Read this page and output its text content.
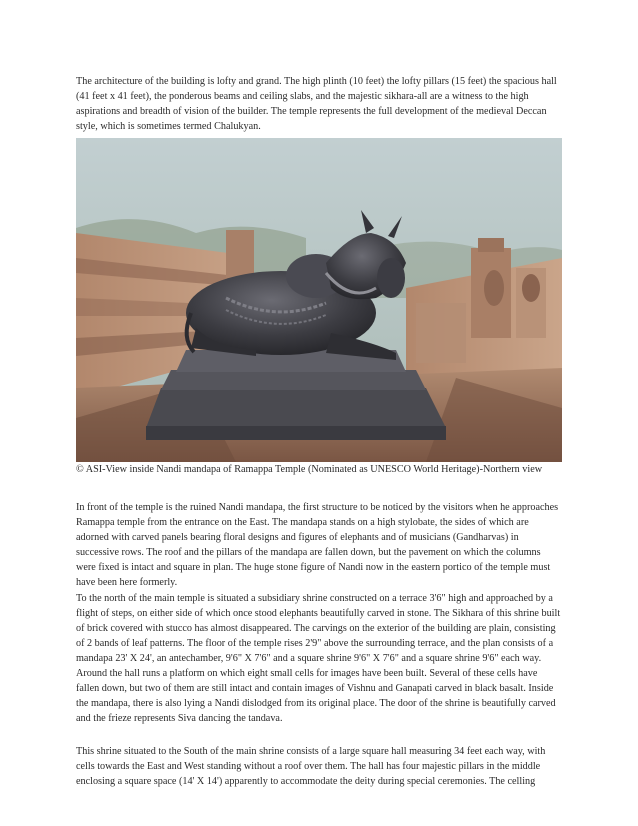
The architecture of the building is lofty and grand. The high plinth (10 feet) the lofty pillars (15 feet) the spacious hall (41 feet x 41 feet), the ponderous beams and ceiling slabs, and the majestic sikhara-all are a witness to the high aspirations and breadth of vision of the builder. The temple represents the full development of the medieval Deccan style, which is sometimes termed Chalukyan.

© ASI-View inside Nandi mandapa of Ramappa Temple (Nominated as UNESCO World Heritage)-Northern view

In front of the temple is the ruined Nandi mandapa, the first structure to be noticed by the visitors when he approaches Ramappa temple from the entrance on the East. The mandapa stands on a high stylobate, the sides of which are adorned with carved panels bearing floral designs and figures of elephants and of musicians (Gandharvas) in successive rows. The roof and the pillars of the mandapa are fallen down, but the pavement on which the columns were fixed is intact and square in plan. The huge stone figure of Nandi now in the eastern portico of the temple must have been here formerly.

To the north of the main temple is situated a subsidiary shrine constructed on a terrace 3'6" high and approached by a flight of steps, on either side of which once stood elephants beautifully carved in stone. The Sikhara of this shrine built of brick covered with stucco has almost disappeared. The carvings on the exterior of the building are plain, consisting of 2 bands of leaf patterns. The floor of the temple rises 2'9" above the surrounding terrace, and the plan consists of a mandapa 23' X 24', an antechamber, 9'6" X 7'6" and a square shrine 9'6" X 7'6" and a square shrine 9'6" each way. Around the hall runs a platform on which eight small cells for images have been built. Several of these cells have fallen down, but two of them are still intact and contain images of Vishnu and Ganapati carved in black basalt. Inside the mandapa, there is also lying a Nandi dislodged from its original place. The door of the shrine is beautifully carved and the frieze represents Siva dancing the tandava.

This shrine situated to the South of the main shrine consists of a large square hall measuring 34 feet each way, with cells towards the East and West standing without a roof over them. The hall has four majestic pillars in the middle enclosing a square space (14' X 14') apparently to accommodate the deity during special ceremonies. The celling
